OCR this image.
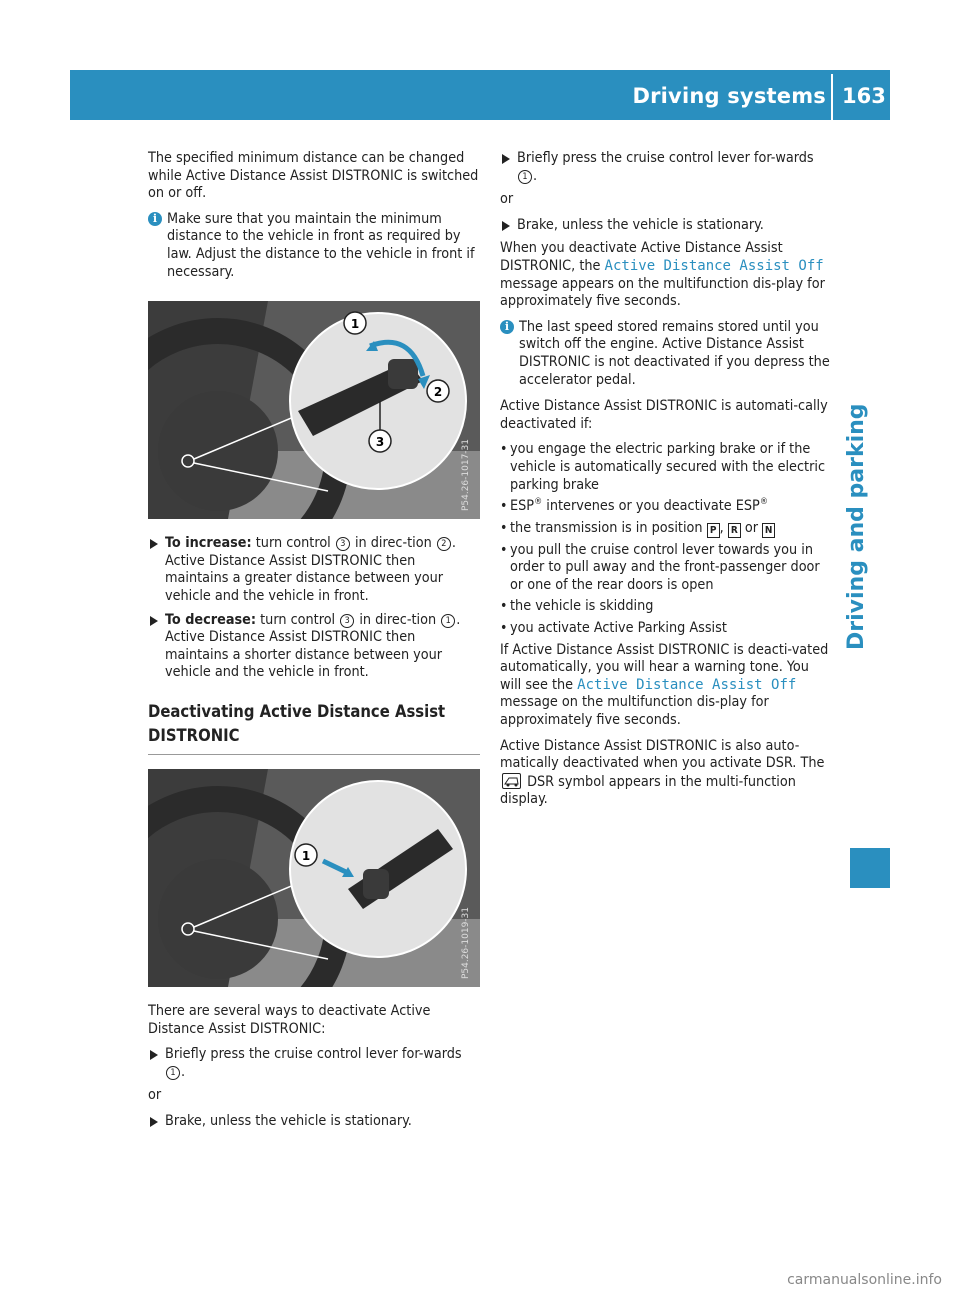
Driving systems 163
Driving and parking

The specified minimum distance can be changed while Active Distance Assist DISTRONIC is switched on or off.

i Make sure that you maintain the minimum distance to the vehicle in front as required by law. Adjust the distance to the vehicle in front if necessary.
1
2
3	P54.26-1017-31
To increase: turn control 3 in direc-tion 2 .
Active Distance Assist DISTRONIC then maintains a greater distance between your vehicle and the vehicle in front.
To decrease: turn control 3 in direc-tion 1 .
Active Distance Assist DISTRONIC then maintains a shorter distance between your vehicle and the vehicle in front.
Deactivating Active Distance Assist DISTRONIC
1
P54.26-1019-31

There are several ways to deactivate Active Distance Assist DISTRONIC:

Briefly press the cruise control lever for-wards 1 .

or

Brake, unless the vehicle is stationary.
Briefly press the cruise control lever for-wards 1 .

or

Brake, unless the vehicle is stationary.

When you deactivate Active Distance Assist DISTRONIC, the Active Distance Assist Off message appears on the multifunction dis-play for approximately five seconds.

i The last speed stored remains stored until you switch off the engine. Active Distance Assist DISTRONIC is not deactivated if you depress the accelerator pedal.

Active Distance Assist DISTRONIC is automati-cally deactivated if:

• you engage the electric parking brake or if the vehicle is automatically secured with the electric parking brake
• ESP® intervenes or you deactivate ESP®
• the transmission is in position P , R or N
• you pull the cruise control lever towards you in order to pull away and the front-passenger door or one of the rear doors is open
• the vehicle is skidding
• you activate Active Parking Assist

If Active Distance Assist DISTRONIC is deacti-vated automatically, you will hear a warning tone. You will see the Active Distance Assist Off message on the multifunction dis-play for approximately five seconds.

Active Distance Assist DISTRONIC is also auto-matically deactivated when you activate DSR. The  DSR symbol appears in the multi-function display.

carmanualsonline.info
